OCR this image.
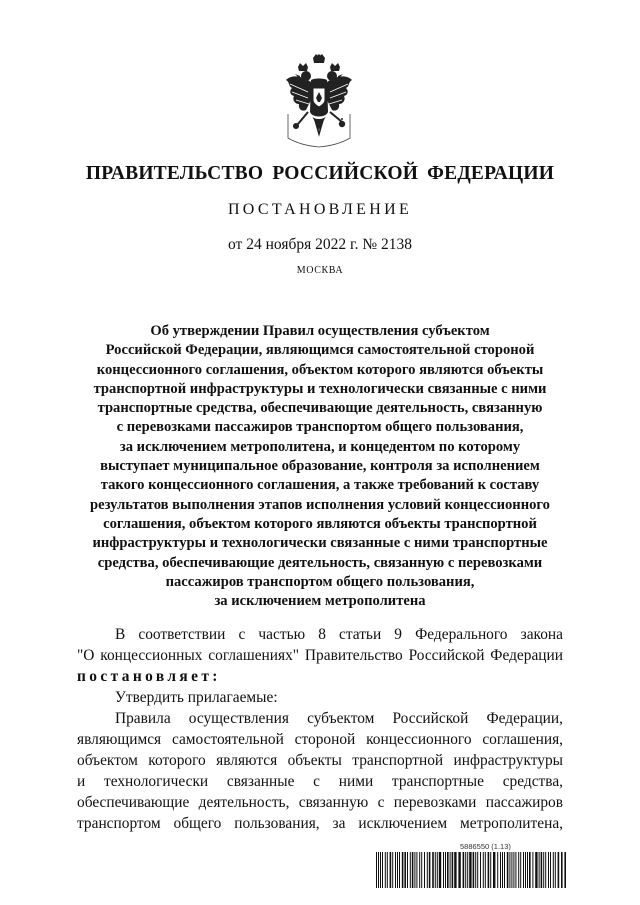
ПРАВИТЕЛЬСТВО РОССИЙСКОЙ ФЕДЕРАЦИИ
ПОСТАНОВЛЕНИЕ
от 24 ноября 2022 г. № 2138
МОСКВА
Об утверждении Правил осуществления субъектом
Российской Федерации, являющимся самостоятельной стороной
концессионного соглашения, объектом которого являются объекты
транспортной инфраструктуры и технологически связанные с ними
транспортные средства, обеспечивающие деятельность, связанную
с перевозками пассажиров транспортом общего пользования,
за исключением метрополитена, и концедентом по которому
выступает муниципальное образование, контроля за исполнением
такого концессионного соглашения, а также требований к составу
результатов выполнения этапов исполнения условий концессионного
соглашения, объектом которого являются объекты транспортной
инфраструктуры и технологически связанные с ними транспортные
средства, обеспечивающие деятельность, связанную с перевозками
пассажиров транспортом общего пользования,
за исключением метрополитена
В соответствии с частью 8 статьи 9 Федерального закона
"О концессионных соглашениях" Правительство Российской Федерации
постановляет:
Утвердить прилагаемые:
Правила осуществления субъектом Российской Федерации,
являющимся самостоятельной стороной концессионного соглашения,
объектом которого являются объекты транспортной инфраструктуры
и технологически связанные с ними транспортные средства,
обеспечивающие деятельность, связанную с перевозками пассажиров
транспортом общего пользования, за исключением метрополитена,
5886550 (1.13)
